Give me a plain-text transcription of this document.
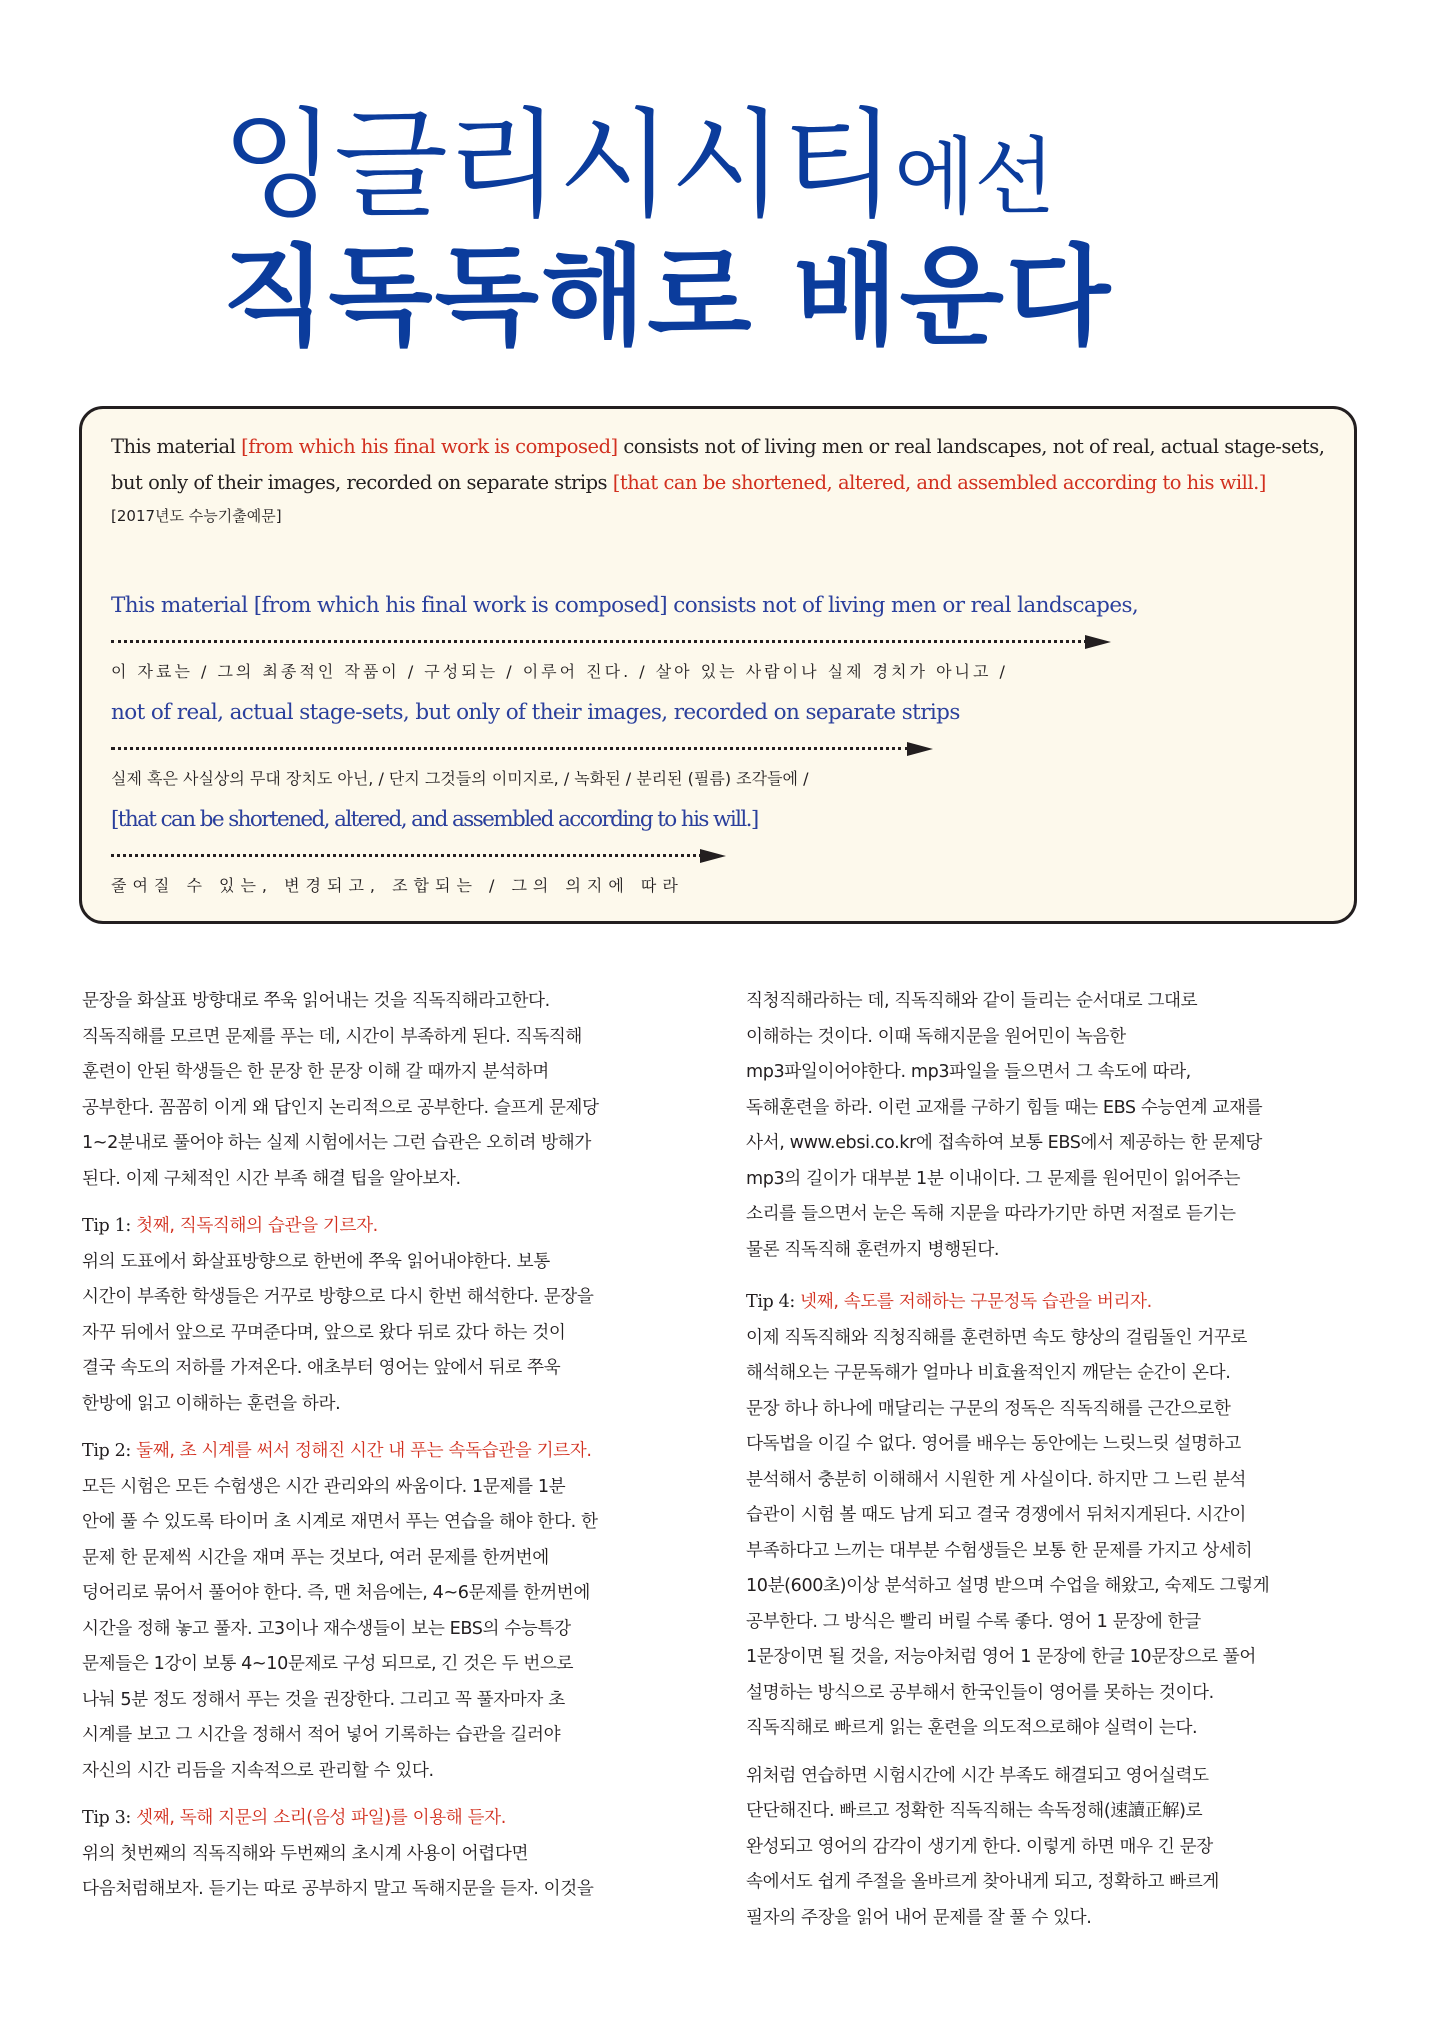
잉글리시시티에선
직독독해로 배운다
This material [from which his final work is composed] consists not of living men or real landscapes, not of real, actual stage-sets, but only of their images, recorded on separate strips [that can be shortened, altered, and assembled according to his will.]
[2017년도 수능기출예문]
This material [from which his final work is composed] consists not of living men or real landscapes,
이 자료는 / 그의 최종적인 작품이 / 구성되는 / 이루어 진다. / 살아 있는 사람이나 실제 경치가 아니고 /
not of real, actual stage-sets, but only of their images, recorded on separate strips
실제 혹은 사실상의 무대 장치도 아닌, / 단지 그것들의 이미지로, / 녹화된 / 분리된 (필름) 조각들에 /
[that can be shortened, altered, and assembled according to his will.]
줄여질 수 있는, 변경되고, 조합되는 / 그의 의지에 따라

문장을 화살표 방향대로 쭈욱 읽어내는 것을 직독직해라고한다.

직독직해를 모르면 문제를 푸는 데, 시간이 부족하게 된다. 직독직해

훈련이 안된 학생들은 한 문장 한 문장 이해 갈 때까지 분석하며

공부한다. 꼼꼼히 이게 왜 답인지 논리적으로 공부한다. 슬프게 문제당

1~2분내로 풀어야 하는 실제 시험에서는 그런 습관은 오히려 방해가

된다. 이제 구체적인 시간 부족 해결 팁을 알아보자.

Tip 1: 첫째, 직독직해의 습관을 기르자.

위의 도표에서 화살표방향으로 한번에 쭈욱 읽어내야한다. 보통

시간이 부족한 학생들은 거꾸로 방향으로 다시 한번 해석한다. 문장을

자꾸 뒤에서 앞으로 꾸며준다며, 앞으로 왔다 뒤로 갔다 하는 것이

결국 속도의 저하를 가져온다. 애초부터 영어는 앞에서 뒤로 쭈욱

한방에 읽고 이해하는 훈련을 하라.

Tip 2: 둘째, 초 시계를 써서 정해진 시간 내 푸는 속독습관을 기르자.

모든 시험은 모든 수험생은 시간 관리와의 싸움이다. 1문제를 1분

안에 풀 수 있도록 타이머 초 시계로 재면서 푸는 연습을 해야 한다. 한

문제 한 문제씩 시간을 재며 푸는 것보다, 여러 문제를 한꺼번에

덩어리로 묶어서 풀어야 한다. 즉, 맨 처음에는, 4~6문제를 한꺼번에

시간을 정해 놓고 풀자. 고3이나 재수생들이 보는 EBS의 수능특강

문제들은 1강이 보통 4~10문제로 구성 되므로, 긴 것은 두 번으로

나눠 5분 정도 정해서 푸는 것을 권장한다. 그리고 꼭 풀자마자 초

시계를 보고 그 시간을 정해서 적어 넣어 기록하는 습관을 길러야

자신의 시간 리듬을 지속적으로 관리할 수 있다.

Tip 3: 셋째, 독해 지문의 소리(음성 파일)를 이용해 듣자.

위의 첫번째의 직독직해와 두번째의 초시계 사용이 어렵다면

다음처럼해보자. 듣기는 따로 공부하지 말고 독해지문을 듣자. 이것을

직청직해라하는 데, 직독직해와 같이 들리는 순서대로 그대로

이해하는 것이다. 이때 독해지문을 원어민이 녹음한

mp3파일이어야한다. mp3파일을 들으면서 그 속도에 따라,

독해훈련을 하라. 이런 교재를 구하기 힘들 때는 EBS 수능연계 교재를

사서, www.ebsi.co.kr에 접속하여 보통 EBS에서 제공하는 한 문제당

mp3의 길이가 대부분 1분 이내이다. 그 문제를 원어민이 읽어주는

소리를 들으면서 눈은 독해 지문을 따라가기만 하면 저절로 듣기는

물론 직독직해 훈련까지 병행된다.

Tip 4: 넷째, 속도를 저해하는 구문정독 습관을 버리자.

이제 직독직해와 직청직해를 훈련하면 속도 향상의 걸림돌인 거꾸로

해석해오는 구문독해가 얼마나 비효율적인지 깨닫는 순간이 온다.

문장 하나 하나에 매달리는 구문의 정독은 직독직해를 근간으로한

다독법을 이길 수 없다. 영어를 배우는 동안에는 느릿느릿 설명하고

분석해서 충분히 이해해서 시원한 게 사실이다. 하지만 그 느린 분석

습관이 시험 볼 때도 남게 되고 결국 경쟁에서 뒤처지게된다. 시간이

부족하다고 느끼는 대부분 수험생들은 보통 한 문제를 가지고 상세히

10분(600초)이상 분석하고 설명 받으며 수업을 해왔고, 숙제도 그렇게

공부한다. 그 방식은 빨리 버릴 수록 좋다. 영어 1 문장에 한글

1문장이면 될 것을, 저능아처럼 영어 1 문장에 한글 10문장으로 풀어

설명하는 방식으로 공부해서 한국인들이 영어를 못하는 것이다.

직독직해로 빠르게 읽는 훈련을 의도적으로해야 실력이 는다.

위처럼 연습하면 시험시간에 시간 부족도 해결되고 영어실력도

단단해진다. 빠르고 정확한 직독직해는 속독정해(速讀正解)로

완성되고 영어의 감각이 생기게 한다. 이렇게 하면 매우 긴 문장

속에서도 쉽게 주절을 올바르게 찾아내게 되고, 정확하고 빠르게

필자의 주장을 읽어 내어 문제를 잘 풀 수 있다.
